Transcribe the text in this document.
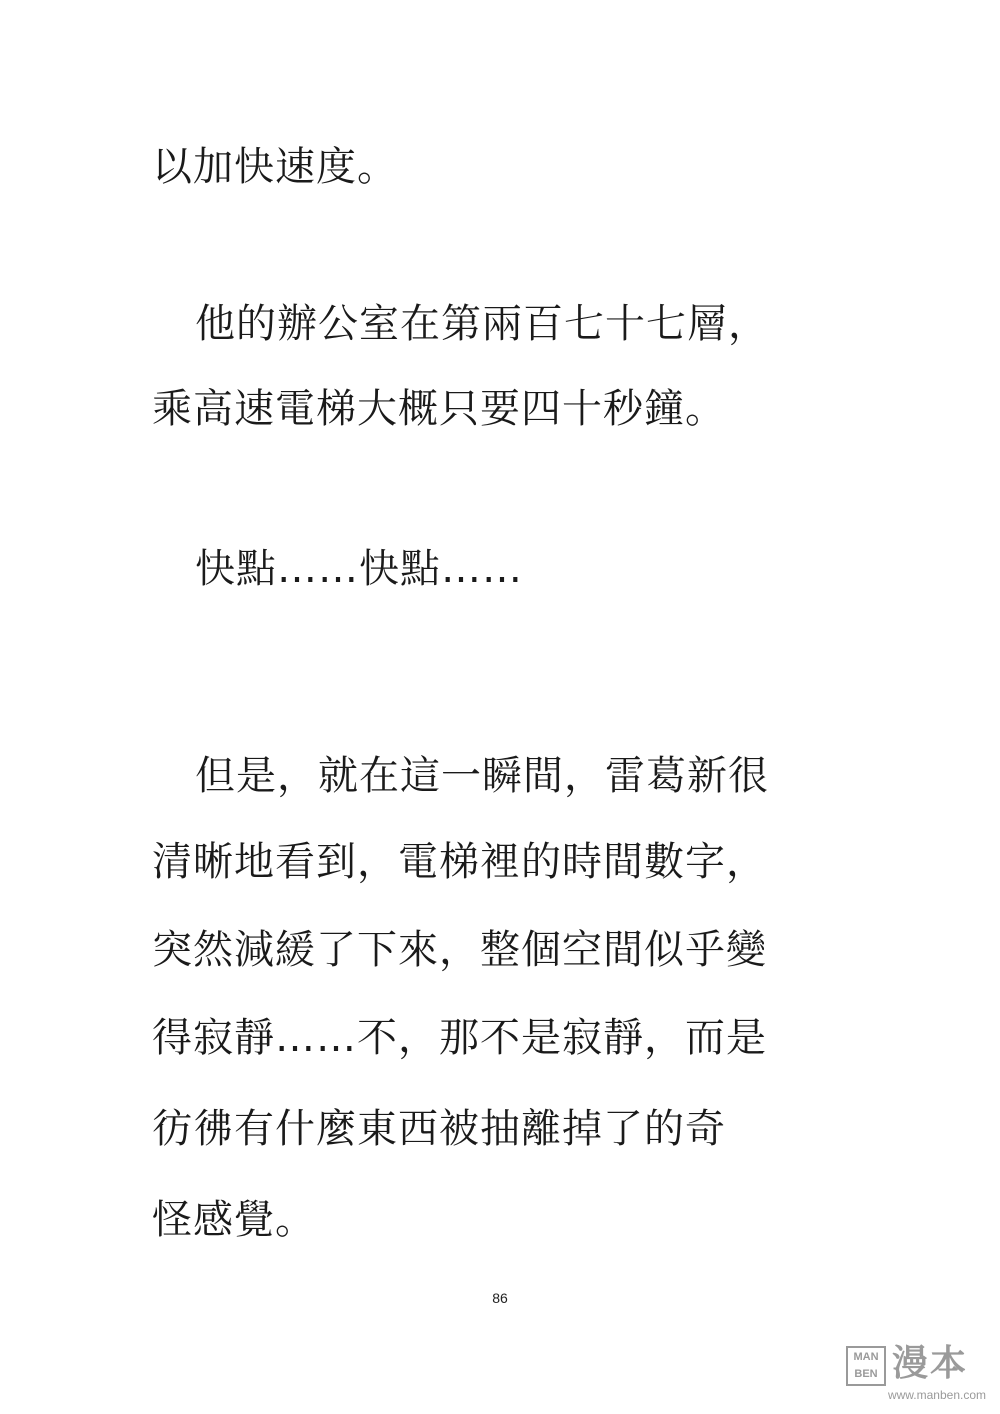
以加快速度。
他的辦公室在第兩百七十七層，
乘高速電梯大概只要四十秒鐘。
快點……快點……
但是，就在這一瞬間，雷葛新很
清晰地看到，電梯裡的時間數字，
突然減緩了下來，整個空間似乎變
得寂靜……不，那不是寂靜，而是
彷彿有什麼東西被抽離掉了的奇
怪感覺。
86
MAN
BEN 漫本
www.manben.com
